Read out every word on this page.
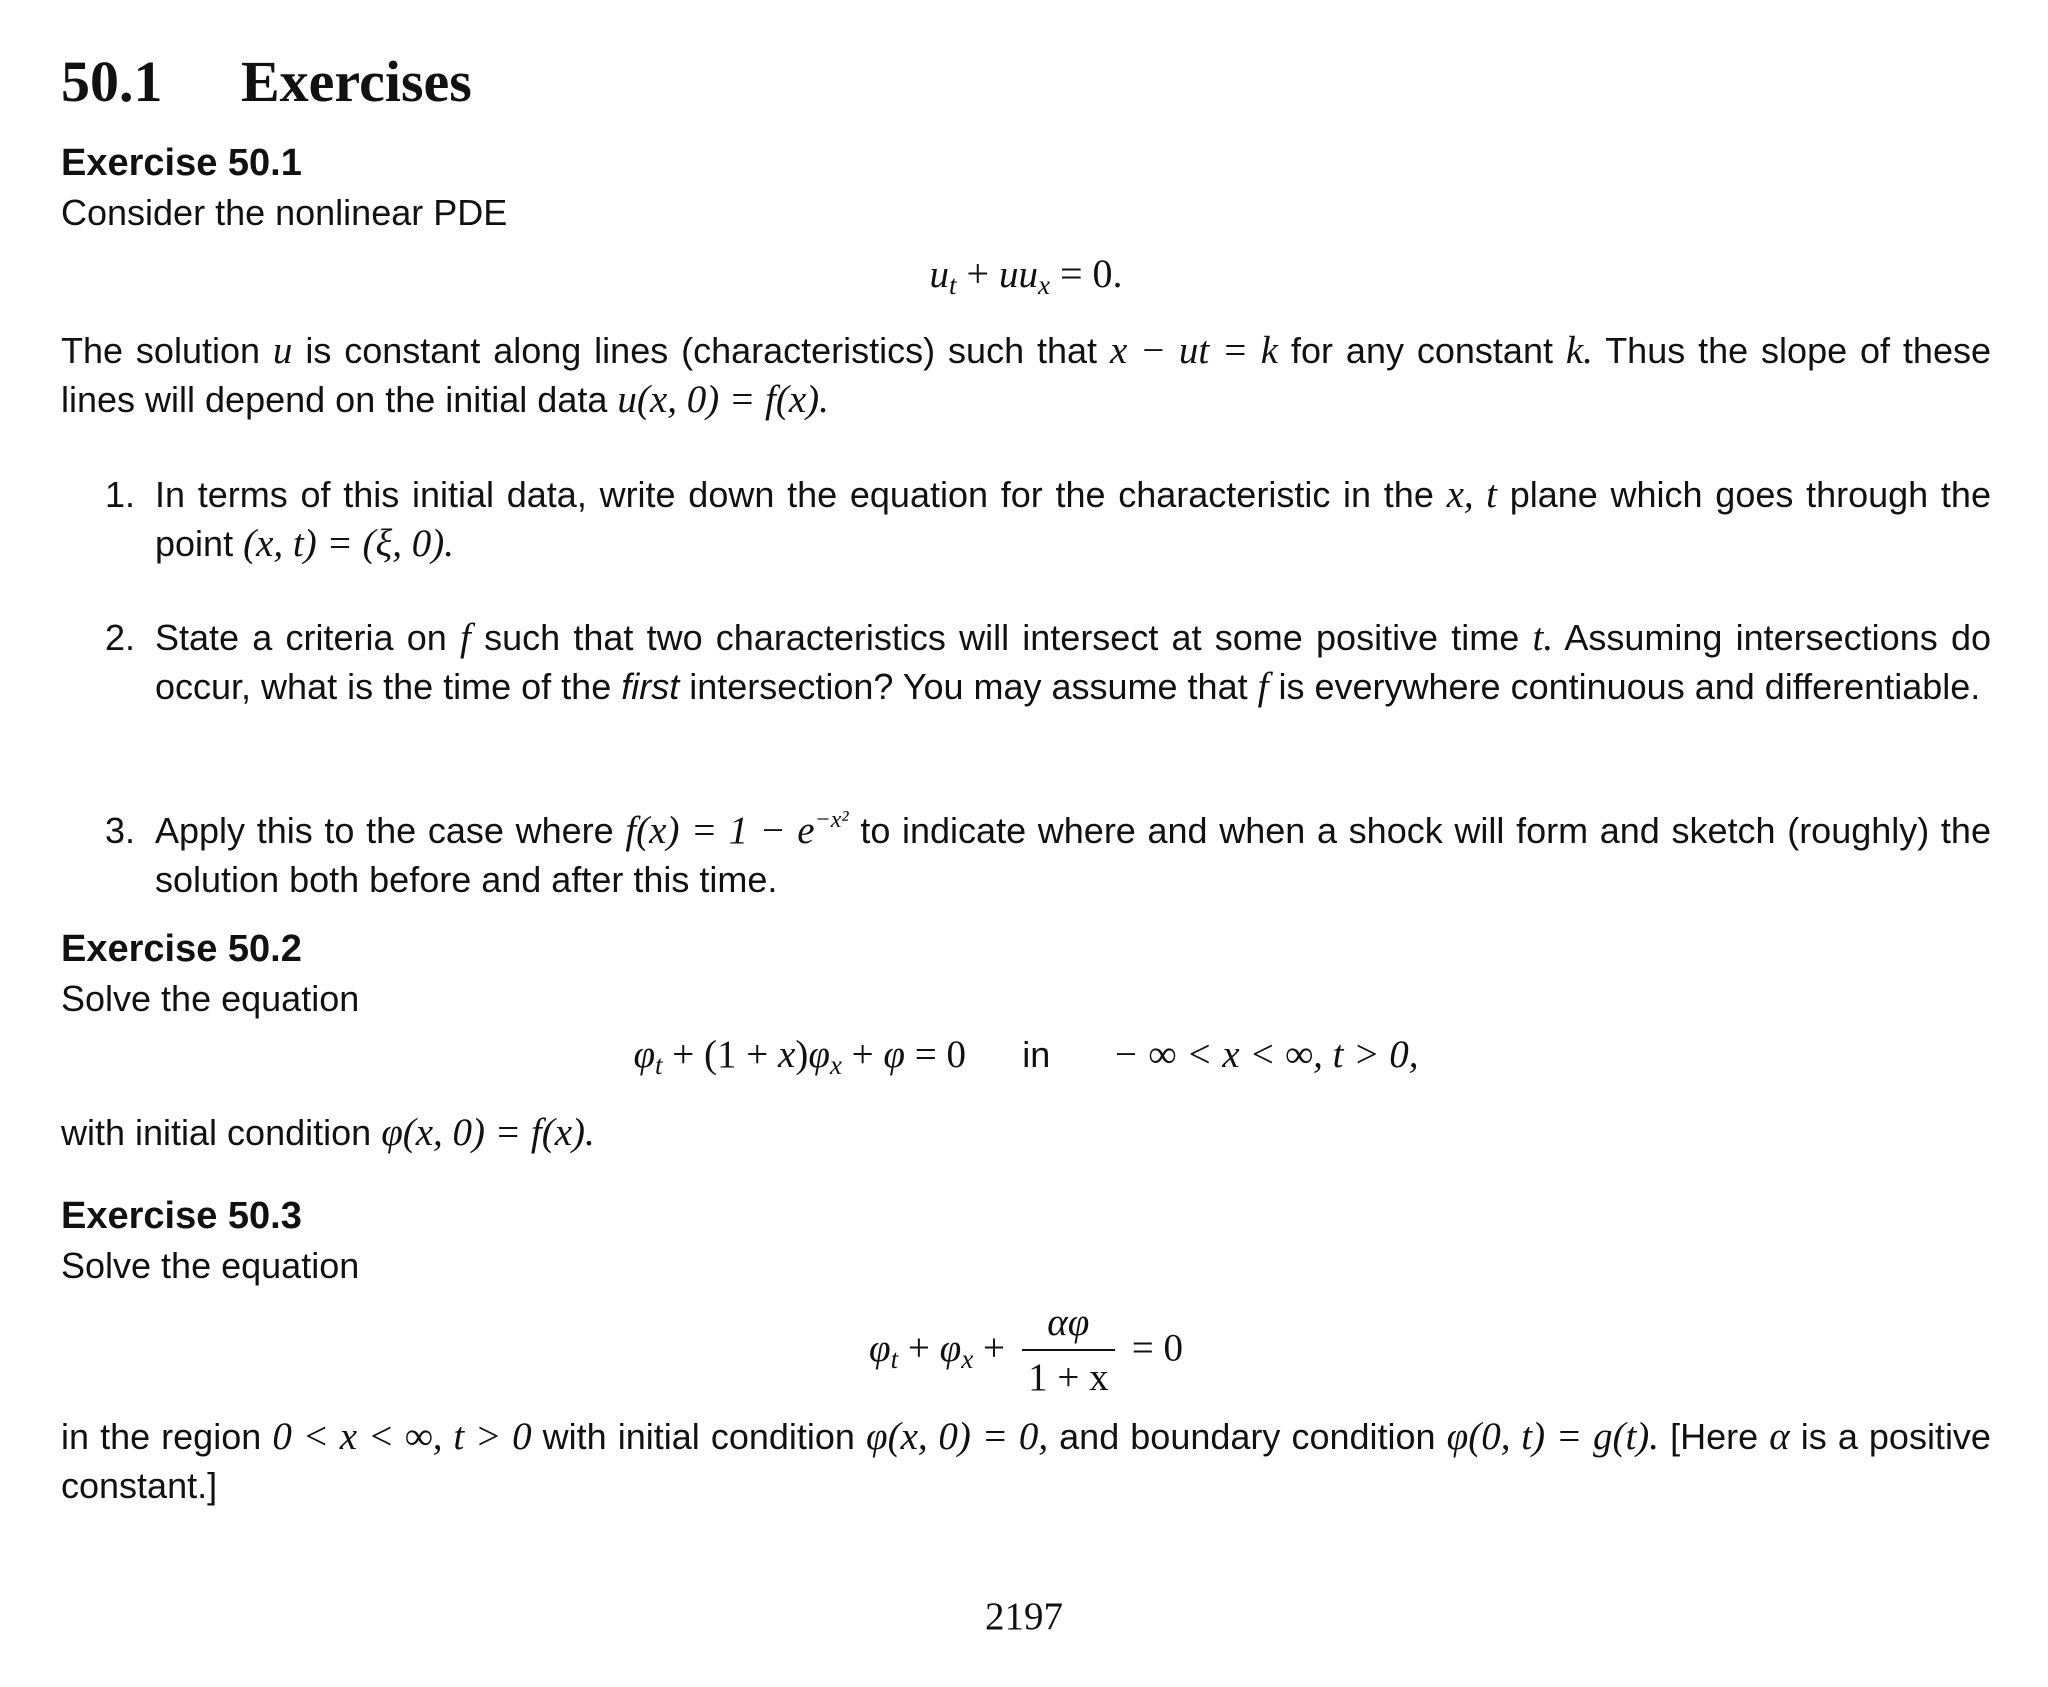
50.1 Exercises
Exercise 50.1
Consider the nonlinear PDE
$u_t + uu_x = 0$.

The solution u is constant along lines (characteristics) such that x − ut = k for any constant k. Thus the slope of these lines will depend on the initial data u(x, 0) = f(x).

1. In terms of this initial data, write down the equation for the characteristic in the x, t plane which goes through the point (x, t) = (ξ, 0).
2. State a criteria on f such that two characteristics will intersect at some positive time t. Assuming intersections do occur, what is the time of the first intersection? You may assume that f is everywhere continuous and differentiable.
3. Apply this to the case where $f(x) = 1 - e^{-x^2}$ to indicate where and when a shock will form and sketch (roughly) the solution both before and after this time.
Exercise 50.2
Solve the equation
$\varphi_t + (1 + x)\varphi_x + \varphi = 0$ in − ∞ < x < ∞, t > 0,
with initial condition φ(x, 0) = f(x).
Exercise 50.3
Solve the equation
$\varphi_t + \varphi_x + \frac{\alpha\varphi}{1 + x} = 0$

in the region 0 < x < ∞, t > 0 with initial condition φ(x, 0) = 0, and boundary condition φ(0, t) = g(t). [Here α is a positive constant.]

2197
